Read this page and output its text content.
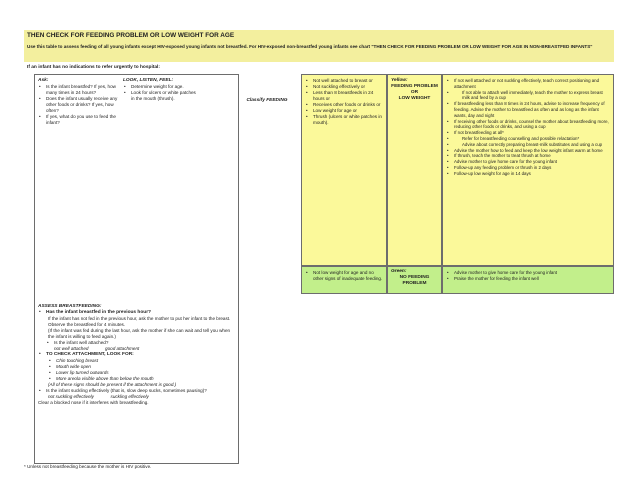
THEN CHECK FOR FEEDING PROBLEM OR LOW WEIGHT FOR AGE
Use this table to assess feeding of all young infants except HIV-exposed young infants not breastfed. For HIV-exposed non-breastfed young infants see chart "THEN CHECK FOR FEEDING PROBLEM OR LOW WEIGHT FOR AGE IN NON-BREASTFED INFANTS"
If an infant has no indications to refer urgently to hospital:
Ask:
• Is the infant breastfed? If yes, how many times in 24 hours?
• Does the infant usually receive any other foods or drinks? If yes, how often?
• If yes, what do you use to feed the infant?
LOOK, LISTEN, FEEL:
• Determine weight for age.
• Look for ulcers or white patches in the mouth (thrush).
ASSESS BREASTFEEDING:
• Has the infant breastfed in the previous hour?
If the infant has not fed in the previous hour, ask the mother to put her infant to the breast. Observe the breastfeed for 4 minutes.
(If the infant was fed during the last hour, ask the mother if she can wait and tell you when the infant is willing to feed again.)
• Is the infant well attached?
not well attached	good attachment
• TO CHECK ATTACHMENT, LOOK FOR:
• Chin touching breast
• Mouth wide open
• Lower lip turned outwards
• More areola visible above than below the mouth
(All of these signs should be present if the attachment is good.)
• Is the infant suckling effectively (that is, slow deep sucks, sometimes pausing)?
not suckling effectively	suckling effectively
Clear a blocked nose if it interferes with breastfeeding.
Classify FEEDING
• Not well attached to breast or
• Not suckling effectively or
• Less than 8 breastfeeds in 24 hours or
• Receives other foods or drinks or
• Low weight for age or
• Thrush (ulcers or white patches in mouth).
Yellow:
FEEDING PROBLEM
OR
LOW WEIGHT
• If not well attached or not suckling effectively, teach correct positioning and attachment
• If not able to attach well immediately, teach the mother to express breast milk and feed by a cup
• If breastfeeding less than 8 times in 24 hours, advise to increase frequency of feeding. Advise the mother to breastfeed as often and as long as the infant wants, day and night
• If receiving other foods or drinks, counsel the mother about breastfeeding more, reducing other foods or drinks, and using a cup
• If not breastfeeding at all*
• Refer for breastfeeding counselling and possible relactation*
• Advise about correctly preparing breast-milk substitutes and using a cup
• Advise the mother how to feed and keep the low weight infant warm at home
• If thrush, teach the mother to treat thrush at home
• Advise mother to give home care for the young infant
• Follow-up any feeding problem or thrush in 2 days
• Follow-up low weight for age in 14 days
• Not low weight for age and no other signs of inadequate feeding.
Green:
NO FEEDING
PROBLEM
• Advise mother to give home care for the young infant
• Praise the mother for feeding the infant well
* Unless not breastfeeding because the mother is HIV positive.
